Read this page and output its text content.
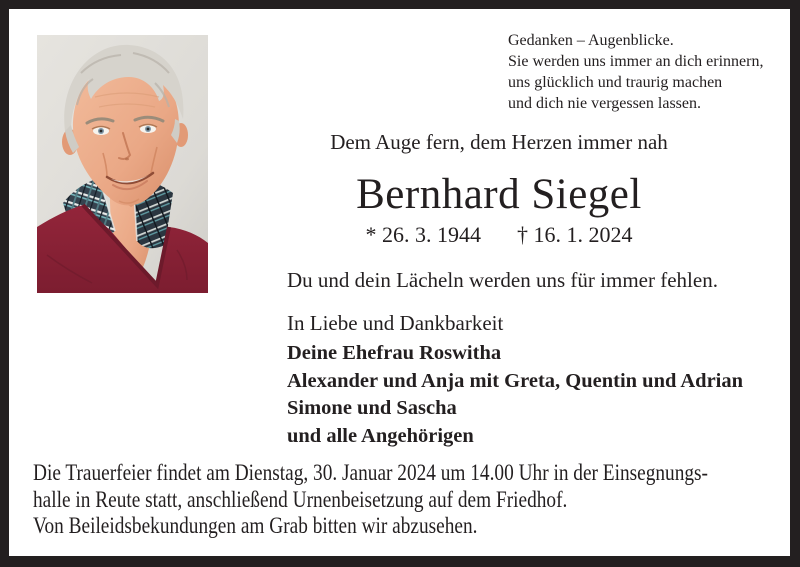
Gedanken – Augenblicke.
Sie werden uns immer an dich erinnern,
uns glücklich und traurig machen
und dich nie vergessen lassen.
Dem Auge fern, dem Herzen immer nah
Bernhard Siegel
* 26. 3. 1944 † 16. 1. 2024
Du und dein Lächeln werden uns für immer fehlen.
In Liebe und Dankbarkeit
Deine Ehefrau Roswitha
Alexander und Anja mit Greta, Quentin und Adrian
Simone und Sascha
und alle Angehörigen
Die Trauerfeier findet am Dienstag, 30. Januar 2024 um 14.00 Uhr in der Einsegnungs-
halle in Reute statt, anschließend Urnenbeisetzung auf dem Friedhof.
Von Beileidsbekundungen am Grab bitten wir abzusehen.
